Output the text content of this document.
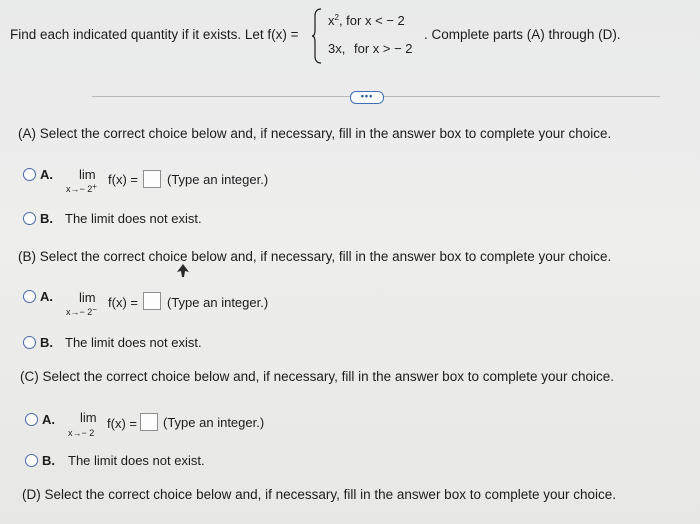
Find each indicated quantity if it exists. Let f(x) =
$x^2$, for x < − 2
3x, for x > − 2
. Complete parts (A) through (D).
•••
(A) Select the correct choice below and, if necessary, fill in the answer box to complete your choice.
A. lim
x→− 2+ f(x) = (Type an integer.)
B. The limit does not exist.
(B) Select the correct choice below and, if necessary, fill in the answer box to complete your choice.
A. lim
x→− 2− f(x) = (Type an integer.)
B. The limit does not exist.
(C) Select the correct choice below and, if necessary, fill in the answer box to complete your choice.
A. lim
x→− 2
f(x) = (Type an integer.)
B. The limit does not exist.
(D) Select the correct choice below and, if necessary, fill in the answer box to complete your choice.
